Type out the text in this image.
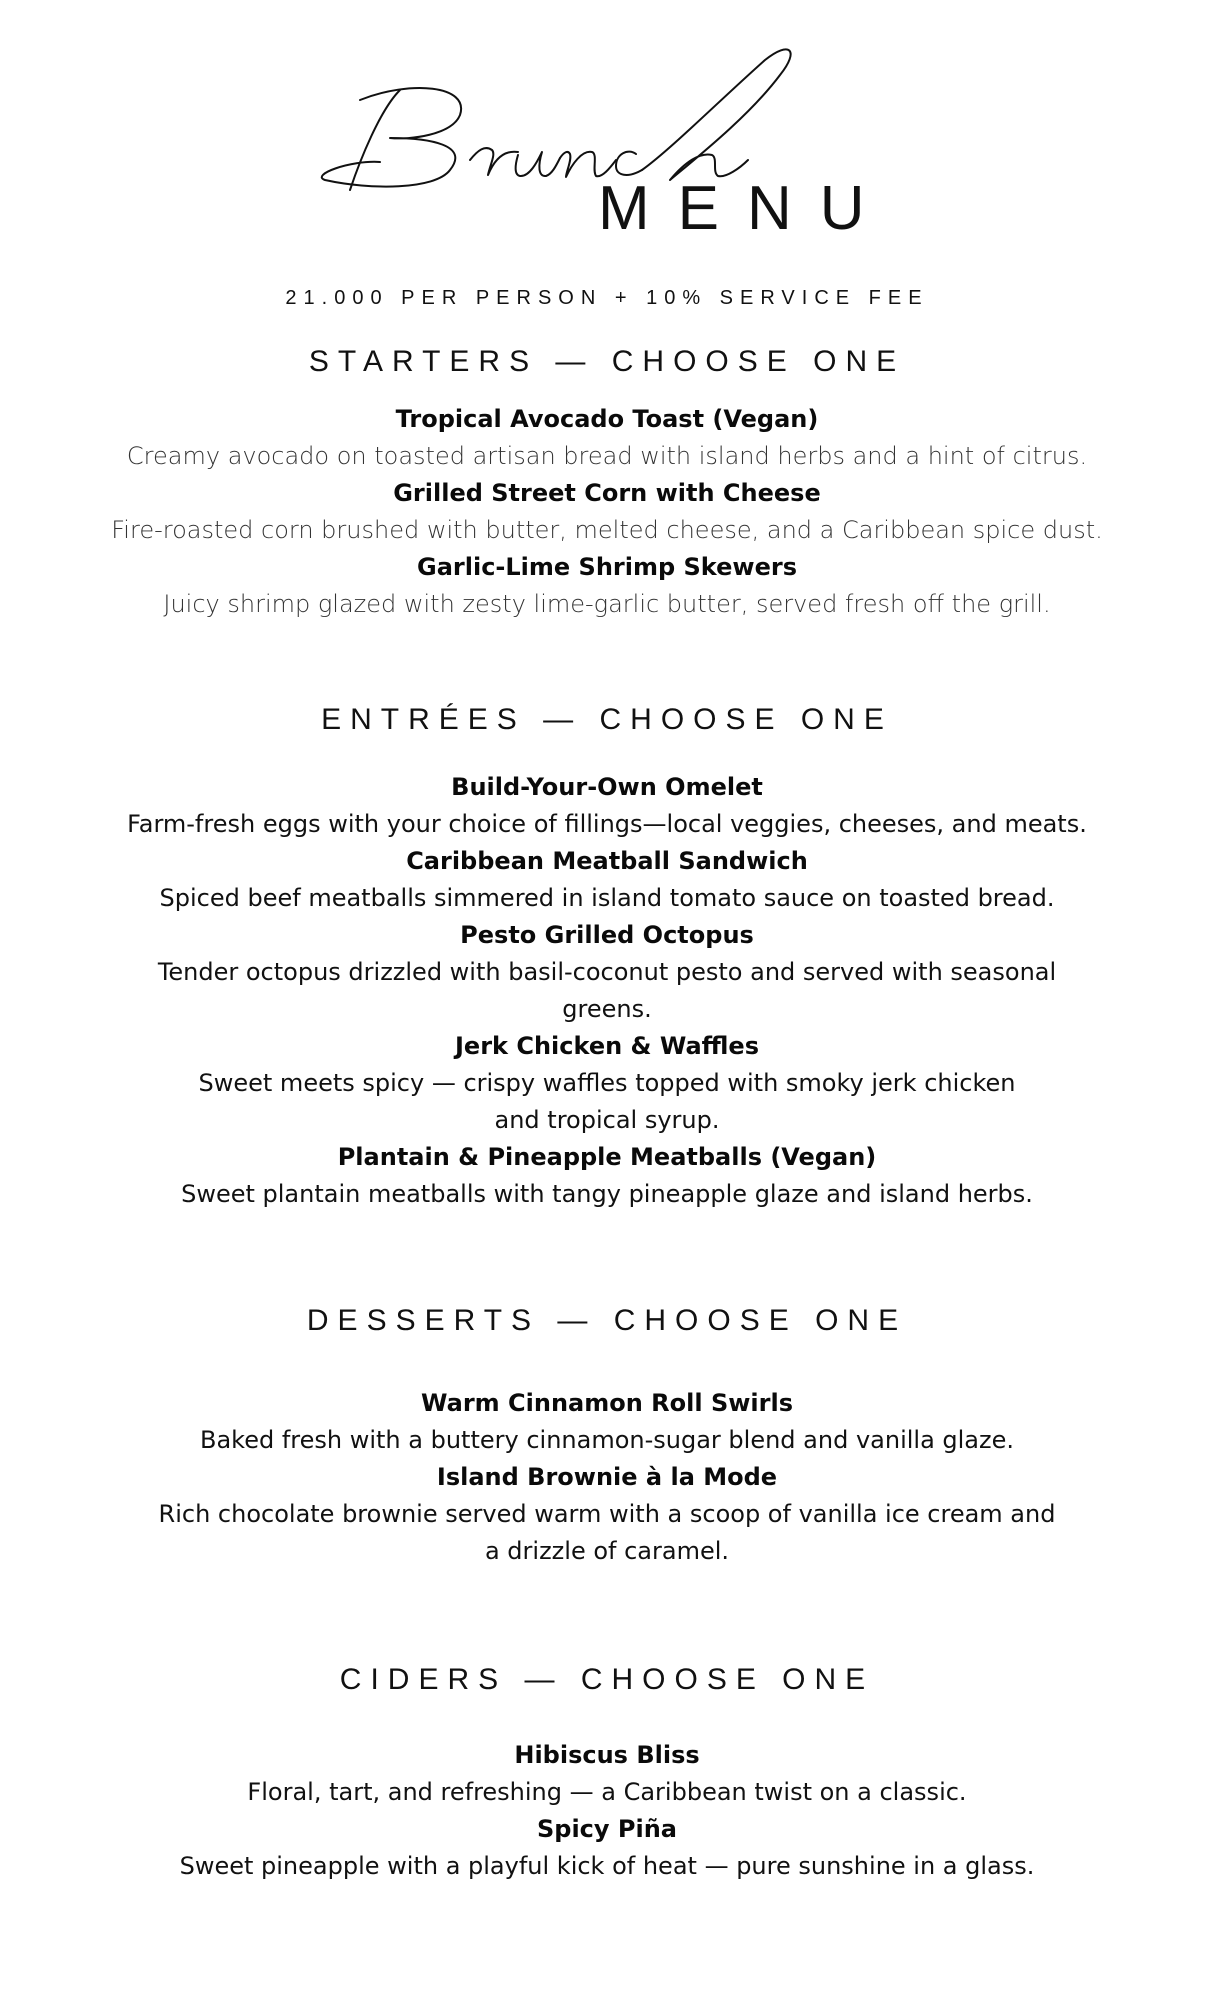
MENU
21.000 PER PERSON + 10% SERVICE FEE
STARTERS — CHOOSE ONE
Tropical Avocado Toast (Vegan)
Creamy avocado on toasted artisan bread with island herbs and a hint of citrus.
Grilled Street Corn with Cheese
Fire-roasted corn brushed with butter, melted cheese, and a Caribbean spice dust.
Garlic-Lime Shrimp Skewers
Juicy shrimp glazed with zesty lime-garlic butter, served fresh off the grill.
ENTRÉES — CHOOSE ONE
Build-Your-Own Omelet
Farm-fresh eggs with your choice of fillings—local veggies, cheeses, and meats.
Caribbean Meatball Sandwich
Spiced beef meatballs simmered in island tomato sauce on toasted bread.
Pesto Grilled Octopus
Tender octopus drizzled with basil-coconut pesto and served with seasonal greens.
Jerk Chicken & Waffles
Sweet meets spicy — crispy waffles topped with smoky jerk chicken and tropical syrup.
Plantain & Pineapple Meatballs (Vegan)
Sweet plantain meatballs with tangy pineapple glaze and island herbs.
DESSERTS — CHOOSE ONE
Warm Cinnamon Roll Swirls
Baked fresh with a buttery cinnamon-sugar blend and vanilla glaze.
Island Brownie à la Mode
Rich chocolate brownie served warm with a scoop of vanilla ice cream and a drizzle of caramel.
CIDERS — CHOOSE ONE
Hibiscus Bliss
Floral, tart, and refreshing — a Caribbean twist on a classic.
Spicy Piña
Sweet pineapple with a playful kick of heat — pure sunshine in a glass.
